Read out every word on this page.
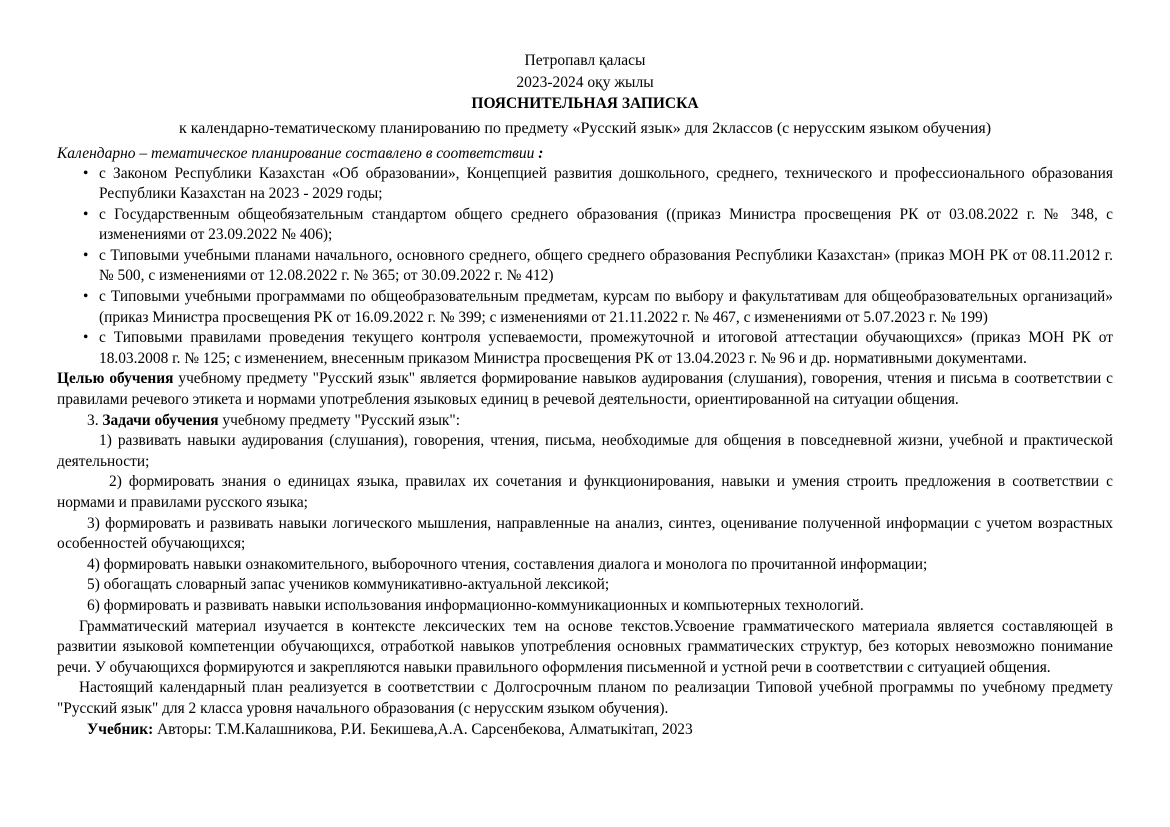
Петропавл қаласы

2023-2024 оқу жылы

ПОЯСНИТЕЛЬНАЯ ЗАПИСКА

к календарно-тематическому планированию по предмету «Русский язык» для 2классов (с нерусским языком обучения)

Календарно – тематическое планирование составлено в соответствии :

• с Законом Республики Казахстан «Об образовании», Концепцией развития дошкольного, среднего, технического и профессионального образования Республики Казахстан на 2023 - 2029 годы;
• с Государственным общеобязательным стандартом общего среднего образования ((приказ Министра просвещения РК от 03.08.2022 г. № 348, с изменениями от 23.09.2022 № 406);
• с Типовыми учебными планами начального, основного среднего, общего среднего образования Республики Казахстан» (приказ МОН РК от 08.11.2012 г. № 500, с изменениями от 12.08.2022 г. № 365; от 30.09.2022 г. № 412)
• с Типовыми учебными программами по общеобразовательным предметам, курсам по выбору и факультативам для общеобразовательных организаций» (приказ Министра просвещения РК от 16.09.2022 г. № 399; с изменениями от 21.11.2022 г. № 467, с изменениями от 5.07.2023 г. № 199)
• с Типовыми правилами проведения текущего контроля успеваемости, промежуточной и итоговой аттестации обучающихся» (приказ МОН РК от 18.03.2008 г. № 125; с изменением, внесенным приказом Министра просвещения РК от 13.04.2023 г. № 96 и др. нормативными документами.

Целью обучения учебному предмету "Русский язык" является формирование навыков аудирования (слушания), говорения, чтения и письма в соответствии с правилами речевого этикета и нормами употребления языковых единиц в речевой деятельности, ориентированной на ситуации общения.

3. Задачи обучения учебному предмету "Русский язык":

1) развивать навыки аудирования (слушания), говорения, чтения, письма, необходимые для общения в повседневной жизни, учебной и практической деятельности;

2) формировать знания о единицах языка, правилах их сочетания и функционирования, навыки и умения строить предложения в соответствии с нормами и правилами русского языка;

3) формировать и развивать навыки логического мышления, направленные на анализ, синтез, оценивание полученной информации с учетом возрастных особенностей обучающихся;

4) формировать навыки ознакомительного, выборочного чтения, составления диалога и монолога по прочитанной информации;

5) обогащать словарный запас учеников коммуникативно-актуальной лексикой;

6) формировать и развивать навыки использования информационно-коммуникационных и компьютерных технологий.

Грамматический материал изучается в контексте лексических тем на основе текстов.Усвоение грамматического материала является составляющей в развитии языковой компетенции обучающихся, отработкой навыков употребления основных грамматических структур, без которых невозможно понимание речи. У обучающихся формируются и закрепляются навыки правильного оформления письменной и устной речи в соответствии с ситуацией общения.

Настоящий календарный план реализуется в соответствии с Долгосрочным планом по реализации Типовой учебной программы по учебному предмету "Русский язык" для 2 класса уровня начального образования (с нерусским языком обучения).

Учебник: Авторы: Т.М.Калашникова, Р.И. Бекишева,А.А. Сарсенбекова, Алматыкітап, 2023
